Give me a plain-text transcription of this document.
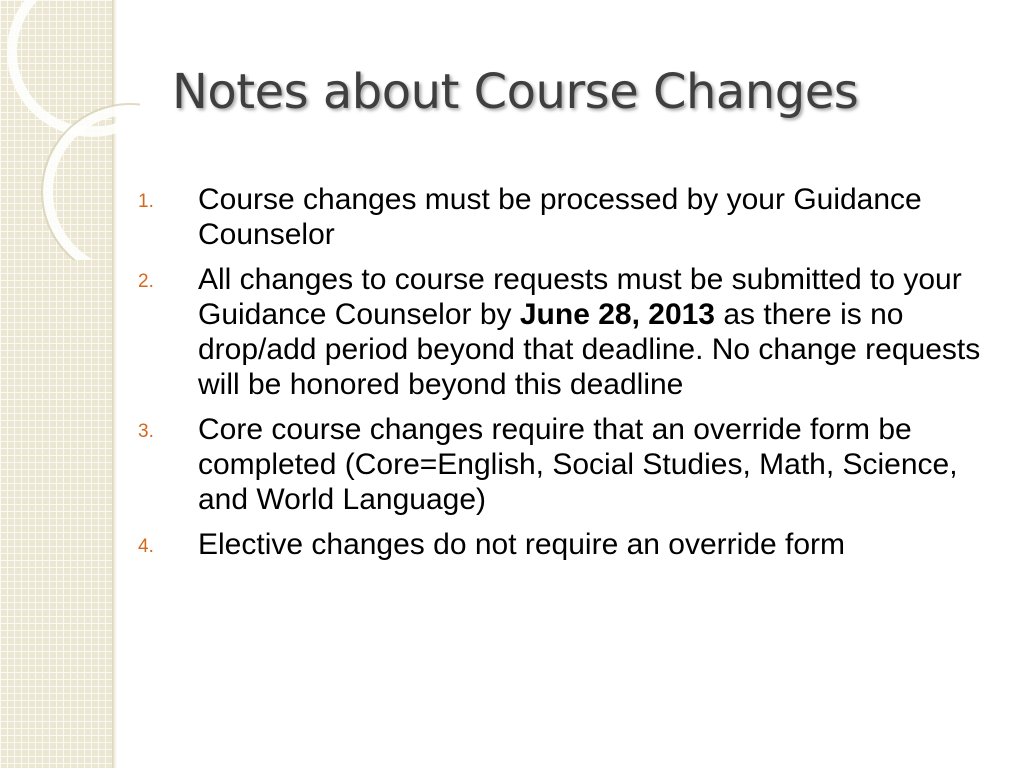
Notes about Course Changes
1. Course changes must be processed by your Guidance Counselor
2. All changes to course requests must be submitted to your Guidance Counselor by June 28, 2013 as there is no drop/add period beyond that deadline. No change requests will be honored beyond this deadline
3. Core course changes require that an override form be completed (Core=English, Social Studies, Math, Science, and World Language)
4. Elective changes do not require an override form
